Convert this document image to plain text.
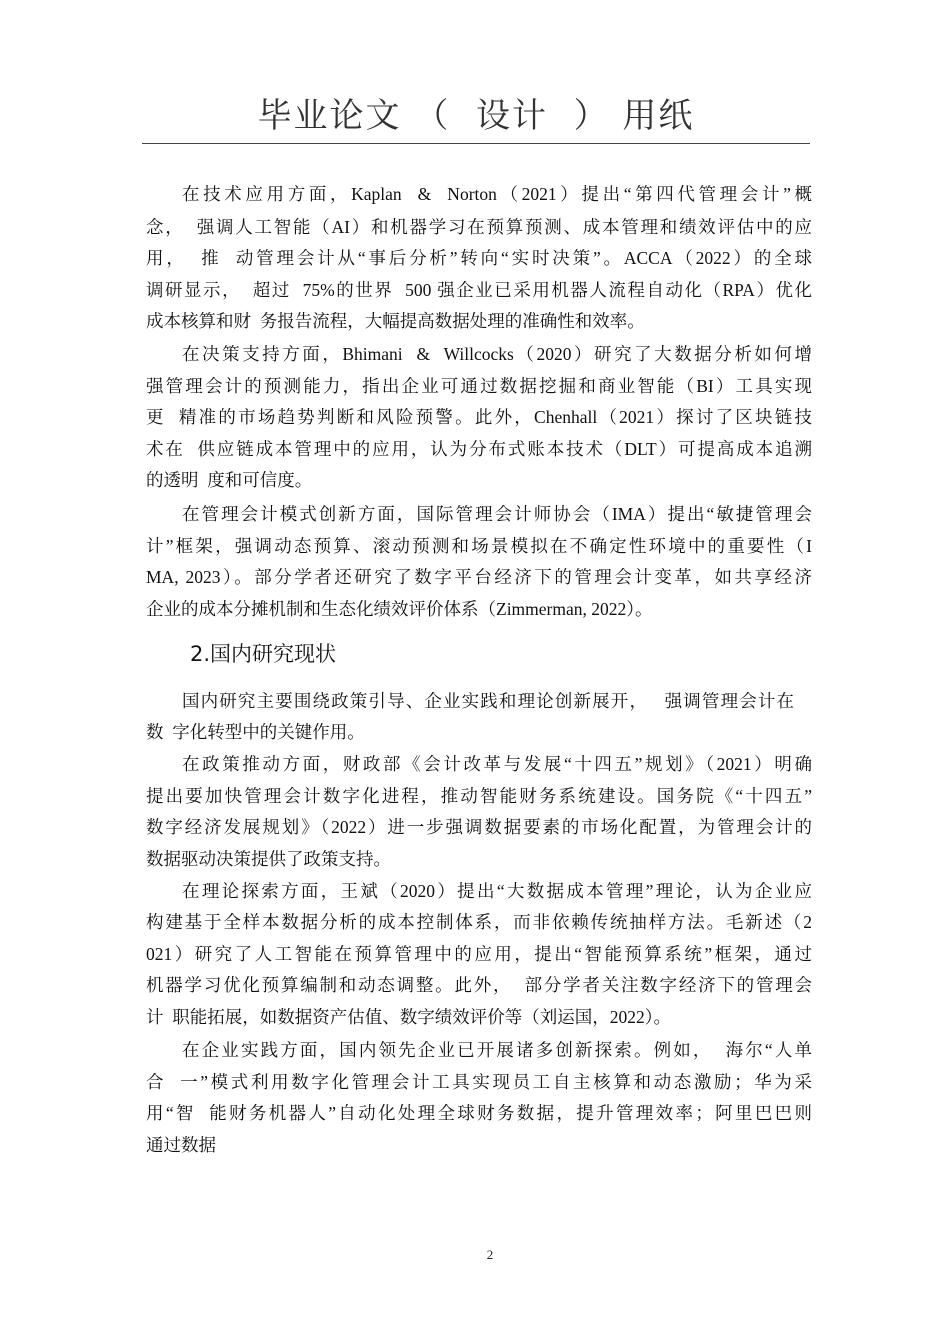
毕业论文 （  设计  ） 用纸
在技术应用方面，Kaplan  &  Norton（2021）提出“第四代管理会计”概
念，  强调人工智能（AI）和机器学习在预算预测、成本管理和绩效评估中的应
用，  推  动管理会计从“事后分析”转向“实时决策”。ACCA（2022）的全球
调研显示，  超过  75%的世界  500 强企业已采用机器人流程自动化（RPA）优化
成本核算和财  务报告流程，大幅提高数据处理的准确性和效率。
在决策支持方面，Bhimani  &  Willcocks（2020）研究了大数据分析如何增
强管理会计的预测能力，指出企业可通过数据挖掘和商业智能（BI）工具实现
更  精准的市场趋势判断和风险预警。此外，Chenhall（2021）探讨了区块链技
术在  供应链成本管理中的应用，认为分布式账本技术（DLT）可提高成本追溯
的透明  度和可信度。
在管理会计模式创新方面，国际管理会计师协会（IMA）提出“敏捷管理会
计”框架，强调动态预算、滚动预测和场景模拟在不确定性环境中的重要性（I
MA, 2023）。部分学者还研究了数字平台经济下的管理会计变革，如共享经济
企业的成本分摊机制和生态化绩效评价体系（Zimmerman, 2022）。
2.国内研究现状
国内研究主要围绕政策引导、企业实践和理论创新展开，   强调管理会计在
数  字化转型中的关键作用。
在政策推动方面，财政部《会计改革与发展“十四五”规划》（2021）明确
提出要加快管理会计数字化进程，推动智能财务系统建设。国务院《“十四五”
数字经济发展规划》（2022）进一步强调数据要素的市场化配置，为管理会计的
数据驱动决策提供了政策支持。
在理论探索方面，王斌（2020）提出“大数据成本管理”理论，认为企业应
构建基于全样本数据分析的成本控制体系，而非依赖传统抽样方法。毛新述（2
021）研究了人工智能在预算管理中的应用，提出“智能预算系统”框架，通过
机器学习优化预算编制和动态调整。此外，  部分学者关注数字经济下的管理会
计  职能拓展，如数据资产估值、数字绩效评价等（刘运国，2022）。
在企业实践方面，国内领先企业已开展诸多创新探索。例如，  海尔“人单
合  一”模式利用数字化管理会计工具实现员工自主核算和动态激励；华为采
用“智  能财务机器人”自动化处理全球财务数据，提升管理效率；阿里巴巴则
通过数据
2
